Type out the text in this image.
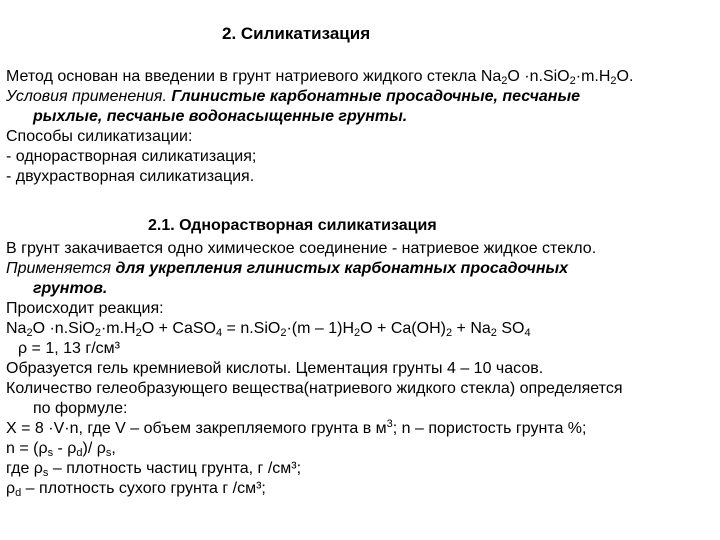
2. Силикатизация
Метод основан на введении в грунт натриевого жидкого стекла $Na_2O \cdot n.SiO_2\cdot m.H_2O$.
Условия применения. Глинистые карбонатные просадочные, песчаные
рыхлые, песчаные водонасыщенные грунты.
Способы силикатизации:
- однорастворная силикатизация;
- двухрастворная силикатизация.
2.1. Однорастворная силикатизация
В грунт закачивается одно химическое соединение - натриевое жидкое стекло.
Применяется для укрепления глинистых карбонатных просадочных
грунтов.
Происходит реакция:
$Na_2O \cdot n.SiO_2\cdot m.H_2O$ + CaSO$_4$ = $n.SiO_2\cdot(m - 1)H_2O + Ca(OH)_2 + Na_2$ $SO_4$
ρ = 1, 13 г/см³
Образуется гель кремниевой кислоты. Цементация грунты 4 – 10 часов.
Количество гелеобразующего вещества(натриевого жидкого стекла) определяется
по формуле:
Х = 8 ·V·n, где V – объем закрепляемого грунта в $м^3$; n – пористость грунта %;
$n = (\rho_s - \rho_d)/$ $\rho_s$,
где $\rho_s$ – плотность частиц грунта, г /см³;
$\rho_d$ – плотность сухого грунта г /см³;
